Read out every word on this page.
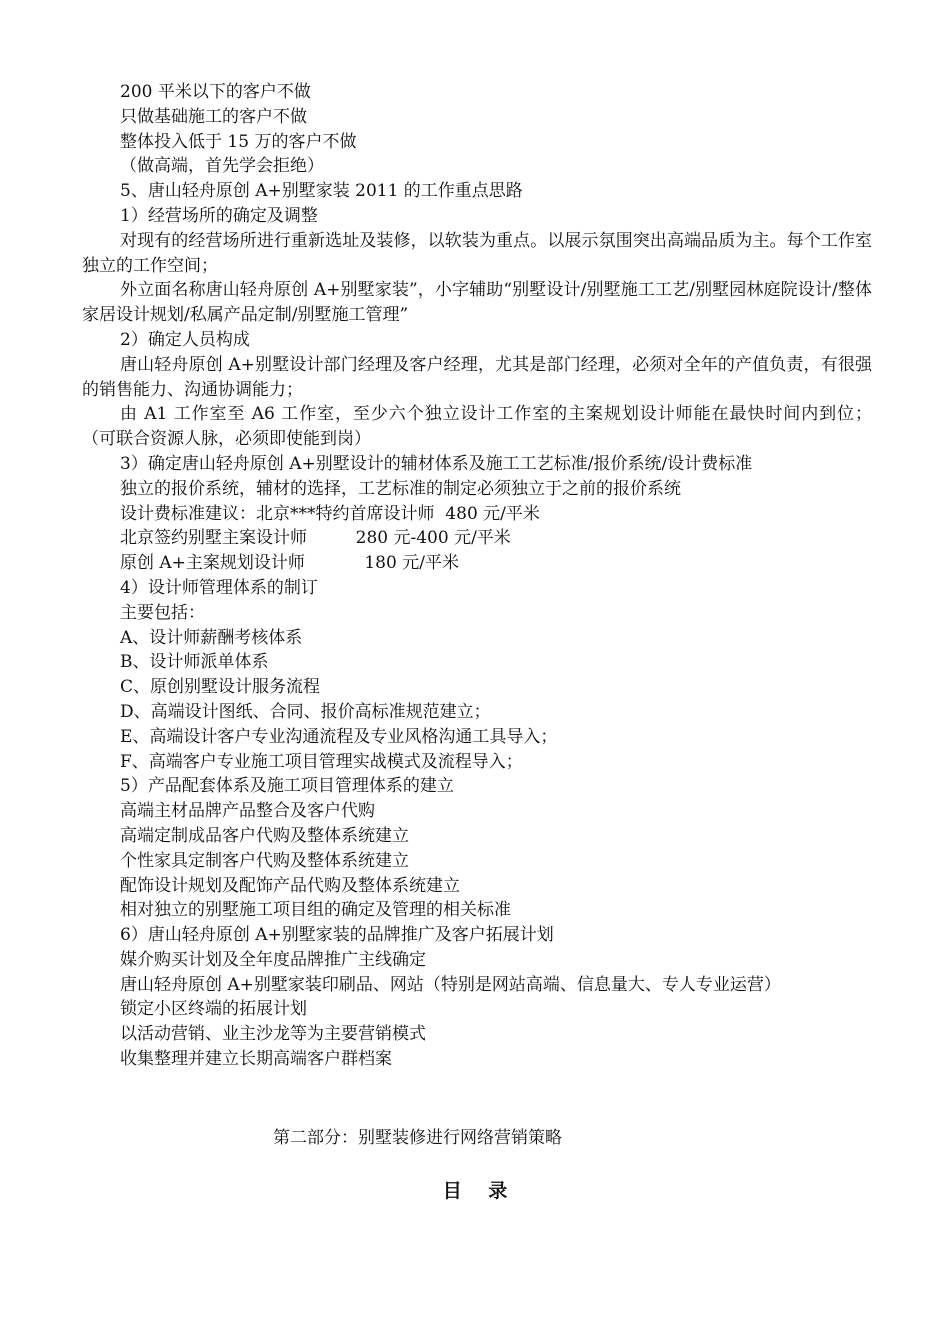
200 平米以下的客户不做

只做基础施工的客户不做

整体投入低于 15 万的客户不做

（做高端，首先学会拒绝）

5、唐山轻舟原创 A+别墅家装 2011 的工作重点思路

1）经营场所的确定及调整

对现有的经营场所进行重新选址及装修，以软装为重点。以展示氛围突出高端品质为主。每个工作室独立的工作空间；

外立面名称唐山轻舟原创 A+别墅家装”，小字辅助“别墅设计/别墅施工工艺/别墅园林庭院设计/整体家居设计规划/私属产品定制/别墅施工管理”

2）确定人员构成

唐山轻舟原创 A+别墅设计部门经理及客户经理，尤其是部门经理，必须对全年的产值负责，有很强的销售能力、沟通协调能力；

由 A1 工作室至 A6 工作室，至少六个独立设计工作室的主案规划设计师能在最快时间内到位； （可联合资源人脉，必须即使能到岗）

3）确定唐山轻舟原创 A+别墅设计的辅材体系及施工工艺标准/报价系统/设计费标准

独立的报价系统，辅材的选择，工艺标准的制定必须独立于之前的报价系统

设计费标准建议：北京***特约首席设计师  480 元/平米

北京签约别墅主案设计师         280 元-400 元/平米

原创 A+主案规划设计师           180 元/平米

4）设计师管理体系的制订

主要包括：

A、设计师薪酬考核体系

B、设计师派单体系

C、原创别墅设计服务流程

D、高端设计图纸、合同、报价高标准规范建立；

E、高端设计客户专业沟通流程及专业风格沟通工具导入；

F、高端客户专业施工项目管理实战模式及流程导入；

5）产品配套体系及施工项目管理体系的建立

高端主材品牌产品整合及客户代购

高端定制成品客户代购及整体系统建立

个性家具定制客户代购及整体系统建立

配饰设计规划及配饰产品代购及整体系统建立

相对独立的别墅施工项目组的确定及管理的相关标准

6）唐山轻舟原创 A+别墅家装的品牌推广及客户拓展计划

媒介购买计划及全年度品牌推广主线确定

唐山轻舟原创 A+别墅家装印刷品、网站（特别是网站高端、信息量大、专人专业运营）

锁定小区终端的拓展计划

以活动营销、业主沙龙等为主要营销模式

收集整理并建立长期高端客户群档案

第二部分：别墅装修进行网络营销策略
目 录
